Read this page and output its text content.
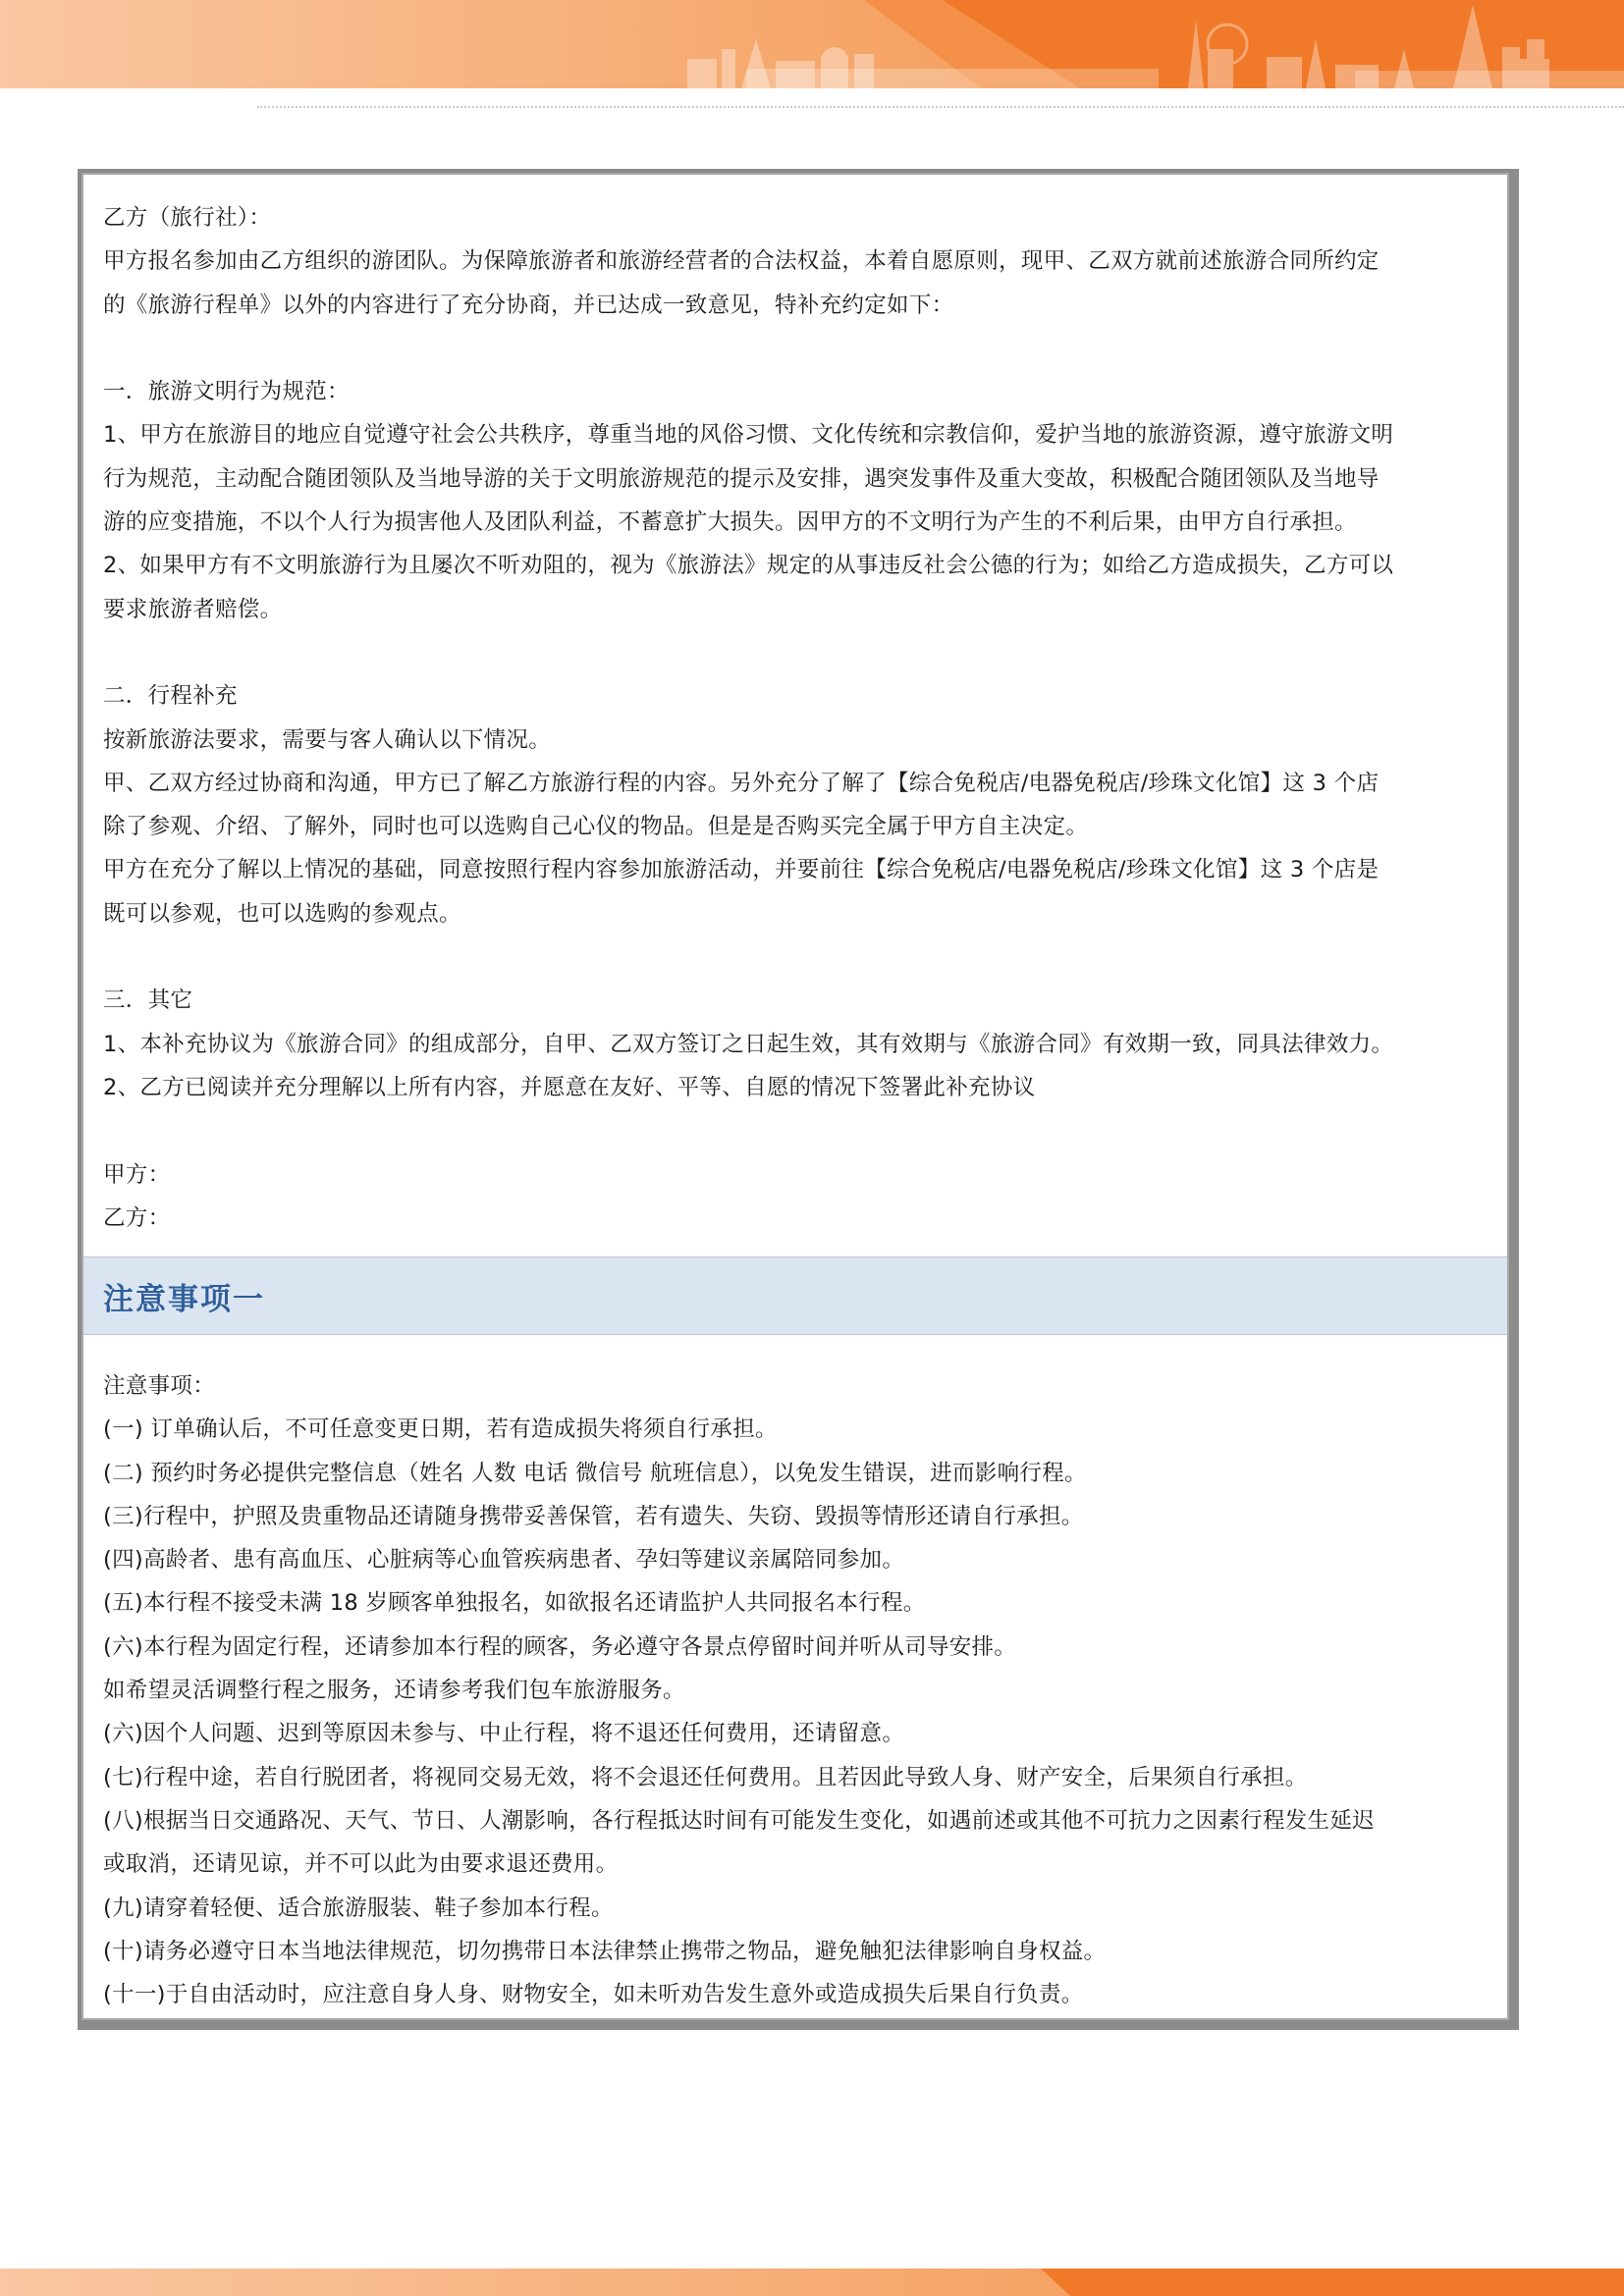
乙方（旅行社）：
甲方报名参加由乙方组织的游团队。为保障旅游者和旅游经营者的合法权益，本着自愿原则，现甲、乙双方就前述旅游合同所约定
的《旅游行程单》以外的内容进行了充分协商，并已达成一致意见，特补充约定如下：
一．旅游文明行为规范：
1、甲方在旅游目的地应自觉遵守社会公共秩序，尊重当地的风俗习惯、文化传统和宗教信仰，爱护当地的旅游资源，遵守旅游文明
行为规范，主动配合随团领队及当地导游的关于文明旅游规范的提示及安排，遇突发事件及重大变故，积极配合随团领队及当地导
游的应变措施，不以个人行为损害他人及团队利益，不蓄意扩大损失。因甲方的不文明行为产生的不利后果，由甲方自行承担。
2、如果甲方有不文明旅游行为且屡次不听劝阻的，视为《旅游法》规定的从事违反社会公德的行为；如给乙方造成损失，乙方可以
要求旅游者赔偿。
二．行程补充
按新旅游法要求，需要与客人确认以下情况。
甲、乙双方经过协商和沟通，甲方已了解乙方旅游行程的内容。另外充分了解了【综合免税店/电器免税店/珍珠文化馆】这 3 个店
除了参观、介绍、了解外，同时也可以选购自己心仪的物品。但是是否购买完全属于甲方自主决定。
甲方在充分了解以上情况的基础，同意按照行程内容参加旅游活动，并要前往【综合免税店/电器免税店/珍珠文化馆】这 3 个店是
既可以参观，也可以选购的参观点。
三．其它
1、本补充协议为《旅游合同》的组成部分，自甲、乙双方签订之日起生效，其有效期与《旅游合同》有效期一致，同具法律效力。
2、乙方已阅读并充分理解以上所有内容，并愿意在友好、平等、自愿的情况下签署此补充协议
甲方：
乙方：
注意事项一
注意事项：
(一) 订单确认后，不可任意变更日期，若有造成损失将须自行承担。
(二) 预约时务必提供完整信息（姓名 人数 电话 微信号 航班信息），以免发生错误，进而影响行程。
(三)行程中，护照及贵重物品还请随身携带妥善保管，若有遗失、失窃、毁损等情形还请自行承担。
(四)高龄者、患有高血压、心脏病等心血管疾病患者、孕妇等建议亲属陪同参加。
(五)本行程不接受未满 18 岁顾客单独报名，如欲报名还请监护人共同报名本行程。
(六)本行程为固定行程，还请参加本行程的顾客，务必遵守各景点停留时间并听从司导安排。
如希望灵活调整行程之服务，还请参考我们包车旅游服务。
(六)因个人问题、迟到等原因未参与、中止行程，将不退还任何费用，还请留意。
(七)行程中途，若自行脱团者，将视同交易无效，将不会退还任何费用。且若因此导致人身、财产安全，后果须自行承担。
(八)根据当日交通路况、天气、节日、人潮影响，各行程抵达时间有可能发生变化，如遇前述或其他不可抗力之因素行程发生延迟
或取消，还请见谅，并不可以此为由要求退还费用。
(九)请穿着轻便、适合旅游服装、鞋子参加本行程。
(十)请务必遵守日本当地法律规范，切勿携带日本法律禁止携带之物品，避免触犯法律影响自身权益。
(十一)于自由活动时，应注意自身人身、财物安全，如未听劝告发生意外或造成损失后果自行负责。
